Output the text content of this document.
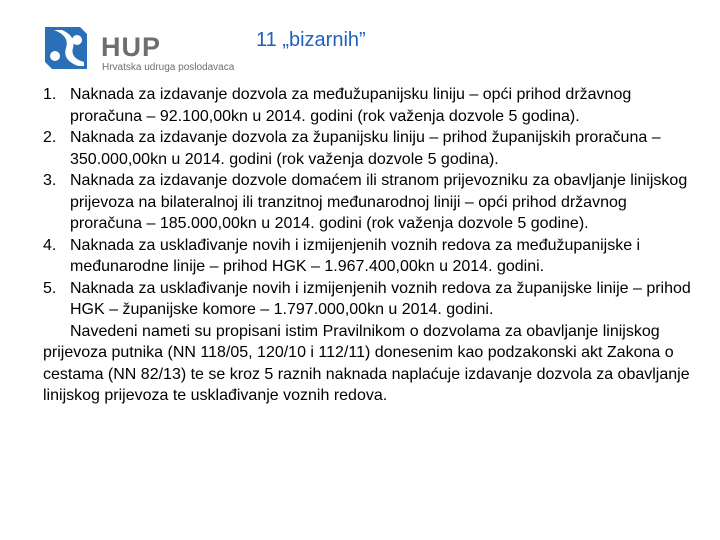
HUP
Hrvatska udruga poslodavaca
11 „bizarnih”
1. Naknada za izdavanje dozvola za međužupanijsku liniju – opći prihod državnog proračuna – 92.100,00kn u 2014. godini (rok važenja dozvole 5 godina).
2. Naknada za izdavanje dozvola za županijsku liniju – prihod županijskih proračuna – 350.000,00kn u 2014. godini (rok važenja dozvole 5 godina).
3. Naknada za izdavanje dozvole domaćem ili stranom prijevozniku za obavljanje linijskog prijevoza na bilateralnoj ili tranzitnoj međunarodnoj liniji – opći prihod državnog proračuna – 185.000,00kn u 2014. godini (rok važenja dozvole 5 godine).
4. Naknada za usklađivanje novih i izmijenjenih voznih redova za međužupanijske i međunarodne linije – prihod HGK – 1.967.400,00kn u 2014. godini.
5. Naknada za usklađivanje novih i izmijenjenih voznih redova za županijske linije – prihod HGK – županijske komore – 1.797.000,00kn u 2014. godini.

Navedeni nameti su propisani istim Pravilnikom o dozvolama za obavljanje linijskog prijevoza putnika (NN 118/05, 120/10 i 112/11) donesenim kao podzakonski akt Zakona o cestama (NN 82/13) te se kroz 5 raznih naknada naplaćuje izdavanje dozvola za obavljanje linijskog prijevoza te usklađivanje voznih redova.
